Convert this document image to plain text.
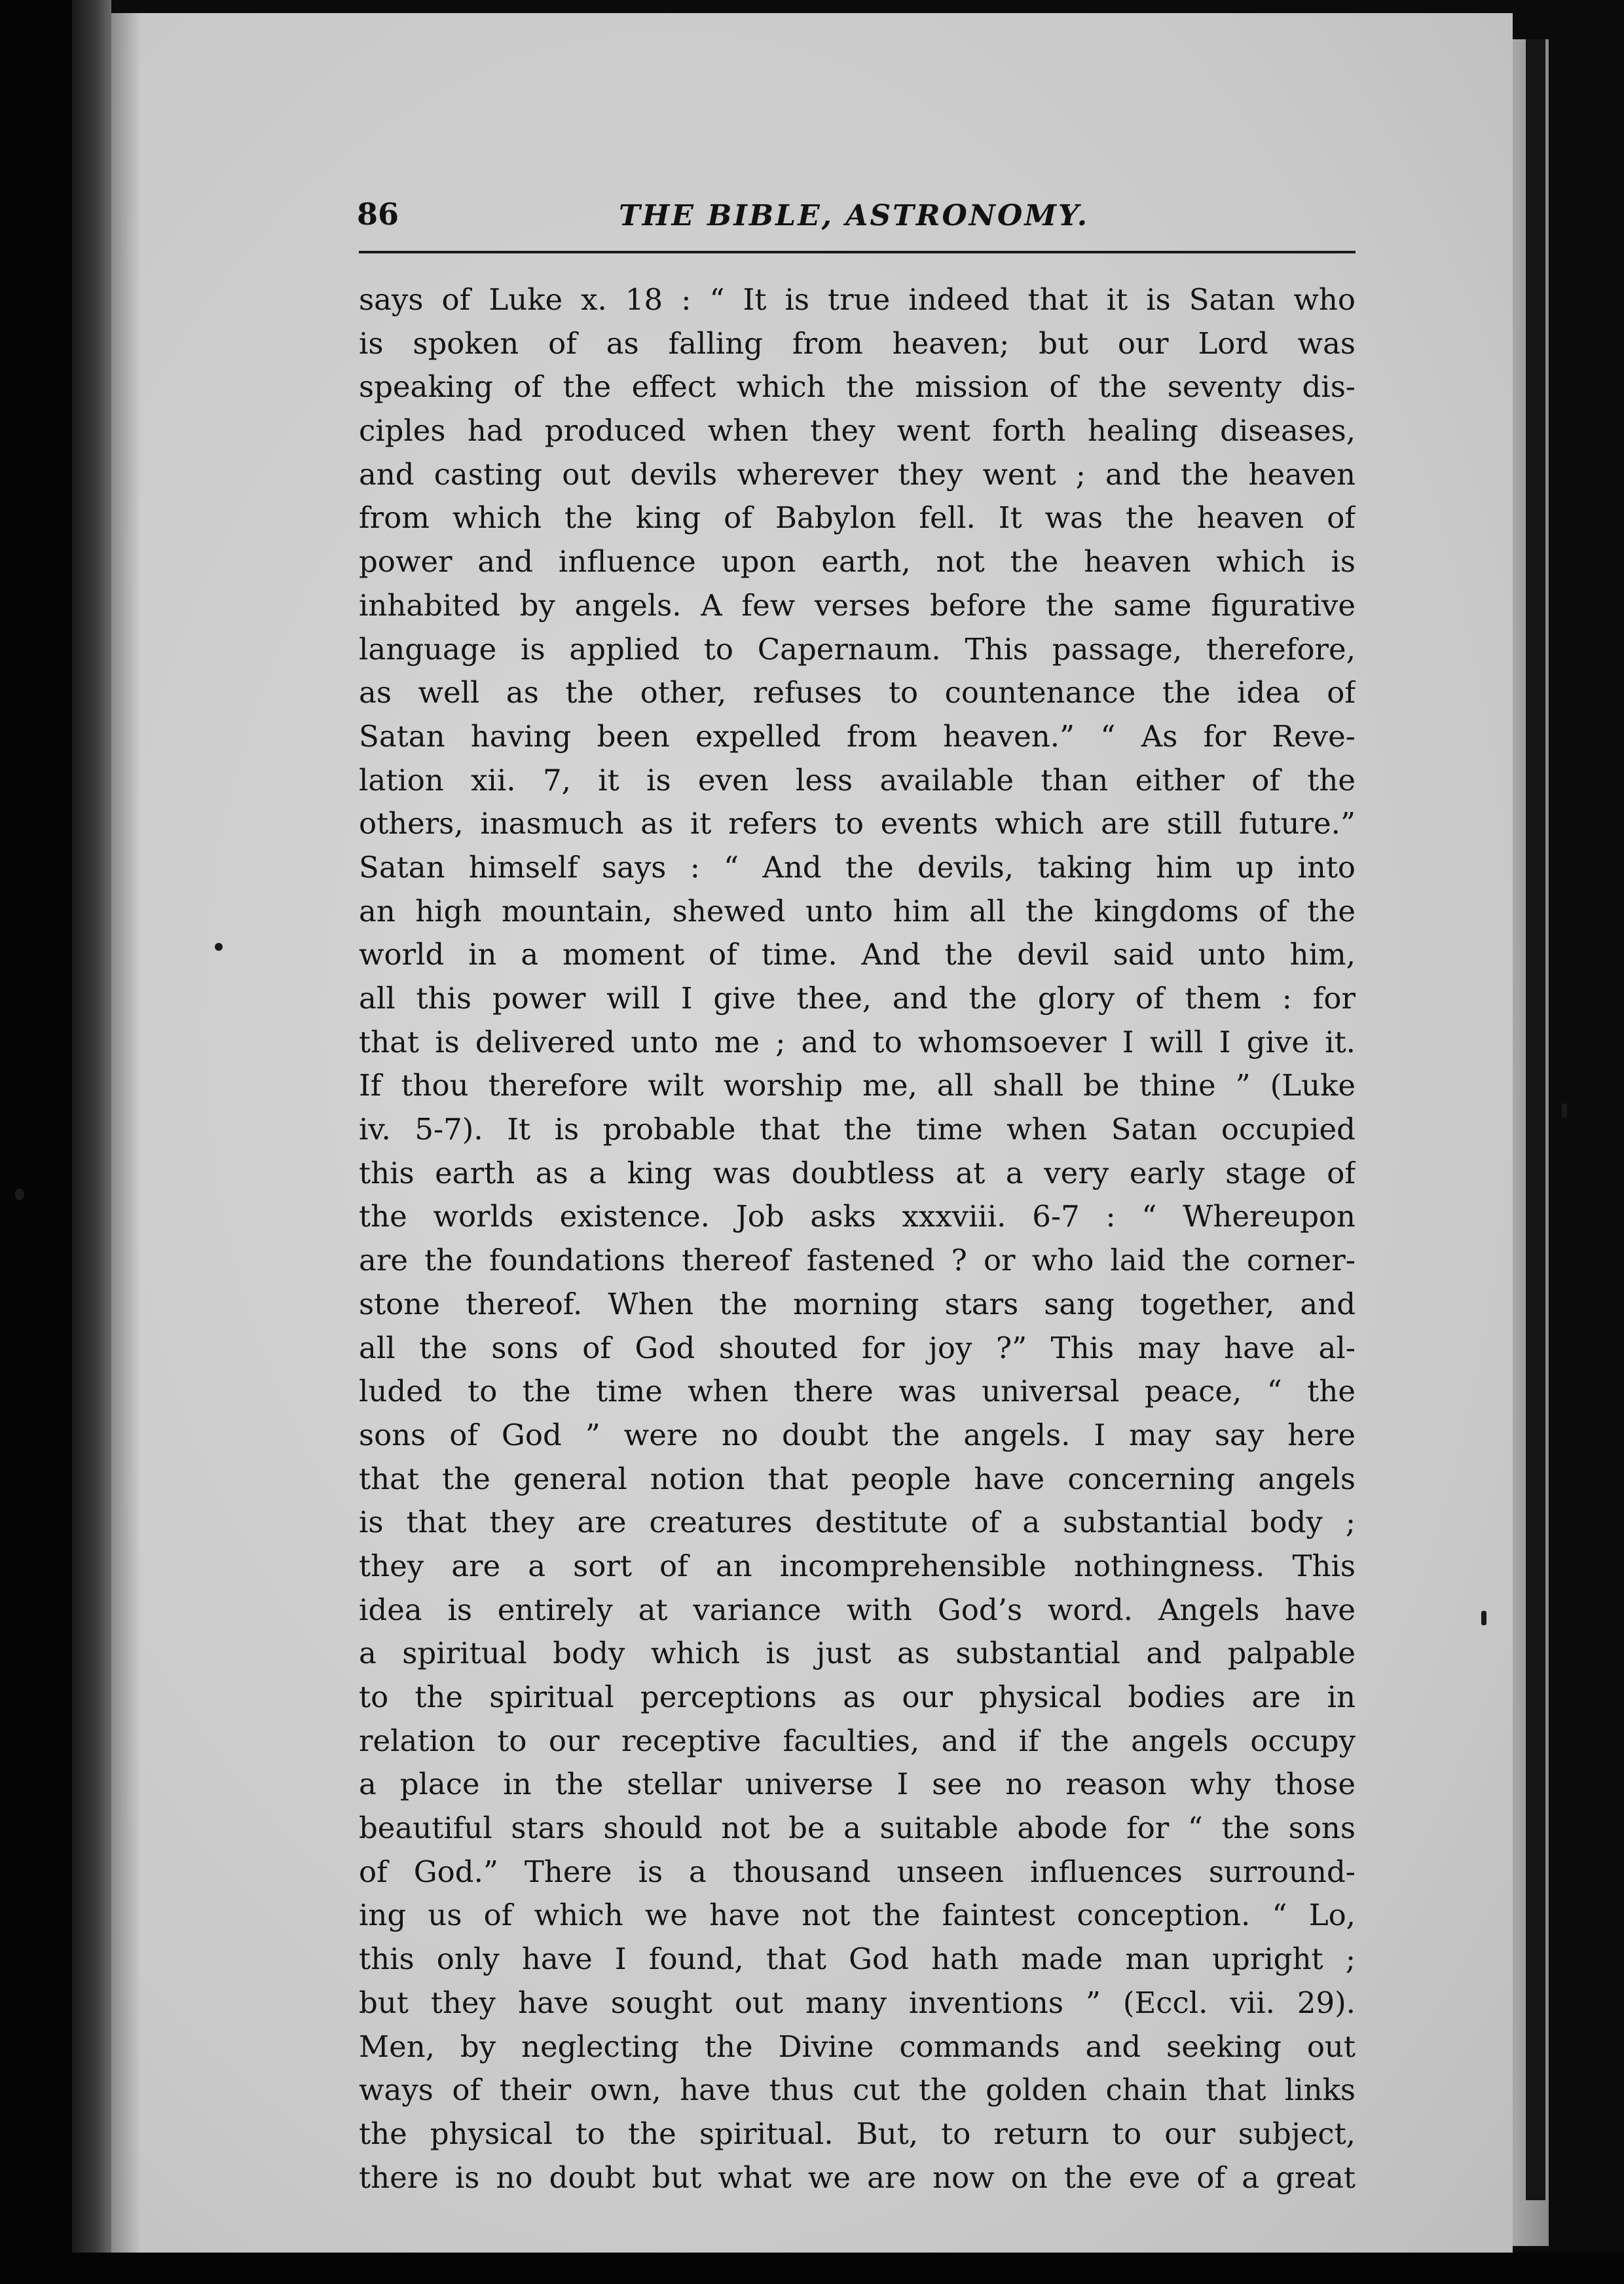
86	THE BIBLE, ASTRONOMY.
says of Luke x. 18 : “ It is true indeed that it is Satan who
is spoken of as falling from heaven; but our Lord was
speaking of the effect which the mission of the seventy dis-
ciples had produced when they went forth healing diseases,
and casting out devils wherever they went ; and the heaven
from which the king of Babylon fell. It was the heaven of
power and influence upon earth, not the heaven which is
inhabited by angels. A few verses before the same figurative
language is applied to Capernaum. This passage, therefore,
as well as the other, refuses to countenance the idea of
Satan having been expelled from heaven.” “ As for Reve-
lation xii. 7, it is even less available than either of the
others, inasmuch as it refers to events which are still future.”
Satan himself says : “ And the devils, taking him up into
an high mountain, shewed unto him all the kingdoms of the
world in a moment of time. And the devil said unto him,
all this power will I give thee, and the glory of them : for
that is delivered unto me ; and to whomsoever I will I give it.
If thou therefore wilt worship me, all shall be thine ” (Luke
iv. 5-7). It is probable that the time when Satan occupied
this earth as a king was doubtless at a very early stage of
the worlds existence. Job asks xxxviii. 6-7 : “ Whereupon
are the foundations thereof fastened ? or who laid the corner-
stone thereof. When the morning stars sang together, and
all the sons of God shouted for joy ?” This may have al-
luded to the time when there was universal peace, “ the
sons of God ” were no doubt the angels. I may say here
that the general notion that people have concerning angels
is that they are creatures destitute of a substantial body ;
they are a sort of an incomprehensible nothingness. This
idea is entirely at variance with God’s word. Angels have
a spiritual body which is just as substantial and palpable
to the spiritual perceptions as our physical bodies are in
relation to our receptive faculties, and if the angels occupy
a place in the stellar universe I see no reason why those
beautiful stars should not be a suitable abode for “ the sons
of God.” There is a thousand unseen influences surround-
ing us of which we have not the faintest conception. “ Lo,
this only have I found, that God hath made man upright ;
but they have sought out many inventions ” (Eccl. vii. 29).
Men, by neglecting the Divine commands and seeking out
ways of their own, have thus cut the golden chain that links
the physical to the spiritual. But, to return to our subject,
there is no doubt but what we are now on the eve of a great
